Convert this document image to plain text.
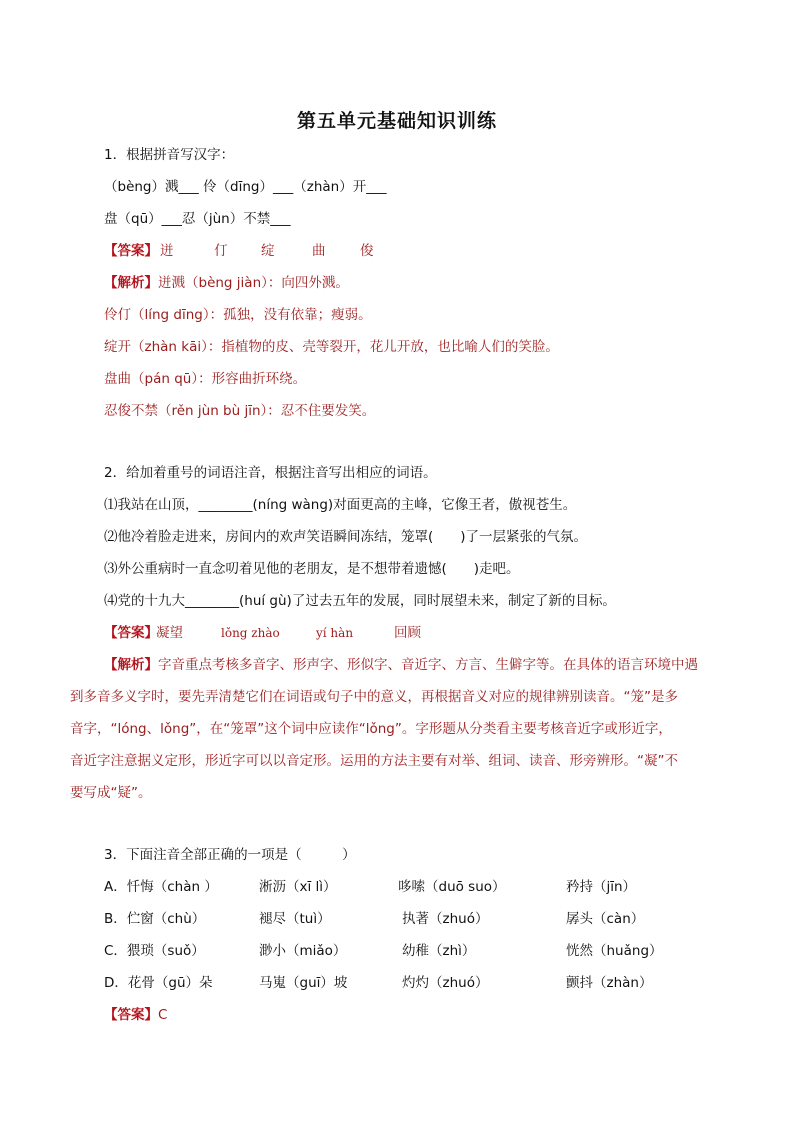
第五单元基础知识训练
1．根据拼音写汉字：
（bèng）溅___ 伶（dīng）___（zhàn）开___
盘（qū）___忍（jùn）不禁___
【答案】 迸	仃 绽	曲	俊
【解析】迸溅（bèng jiàn）：向四外溅。
伶仃（líng dīng）：孤独，没有依靠；瘦弱。
绽开（zhàn kāi）：指植物的皮、壳等裂开，花儿开放，也比喻人们的笑脸。
盘曲（pán qū）：形容曲折环绕。
忍俊不禁（rěn jùn bù jīn）：忍不住要发笑。
2．给加着重号的词语注音，根据注音写出相应的词语。
⑴我站在山顶，________(níng wàng)对面更高的主峰，它像王者，傲视苍生。
⑵他冷着脸走进来，房间内的欢声笑语瞬间冻结，笼罩(　　)了一层紧张的气氛。
⑶外公重病时一直念叨着见他的老朋友，是不想带着遗憾(　　)走吧。
⑷党的十九大________(huí gù)了过去五年的发展，同时展望未来，制定了新的目标。
【答案】
凝望	lǒng zhào	yí hàn	回顾
【解析】字音重点考核多音字、形声字、形似字、音近字、方言、生僻字等。在具体的语言环境中遇
到多音多义字时，要先弄清楚它们在词语或句子中的意义，再根据音义对应的规律辨别读音。“笼”是多
音字，“lóng、lǒng”，在“笼罩”这个词中应读作“lǒng”。字形题从分类看主要考核音近字或形近字，
音近字注意据义定形，形近字可以以音定形。运用的方法主要有对举、组词、读音、形旁辨形。“凝”不
要写成“疑”。
3．下面注音全部正确的一项是（　　　）
A．忏悔（chàn ）	淅沥（xī lì）	哆嗦（duō suo）	矜持（jīn）
B．伫窗（chù）	褪尽（tuì）	执著（zhuó）	孱头（càn）
C．猥琐（suǒ）	渺小（miǎo）	幼稚（zhì）	恍然（huǎng）
D．花骨（gū）朵	马嵬（guī）坡	灼灼（zhuó）	颤抖（zhàn）
【答案】C
